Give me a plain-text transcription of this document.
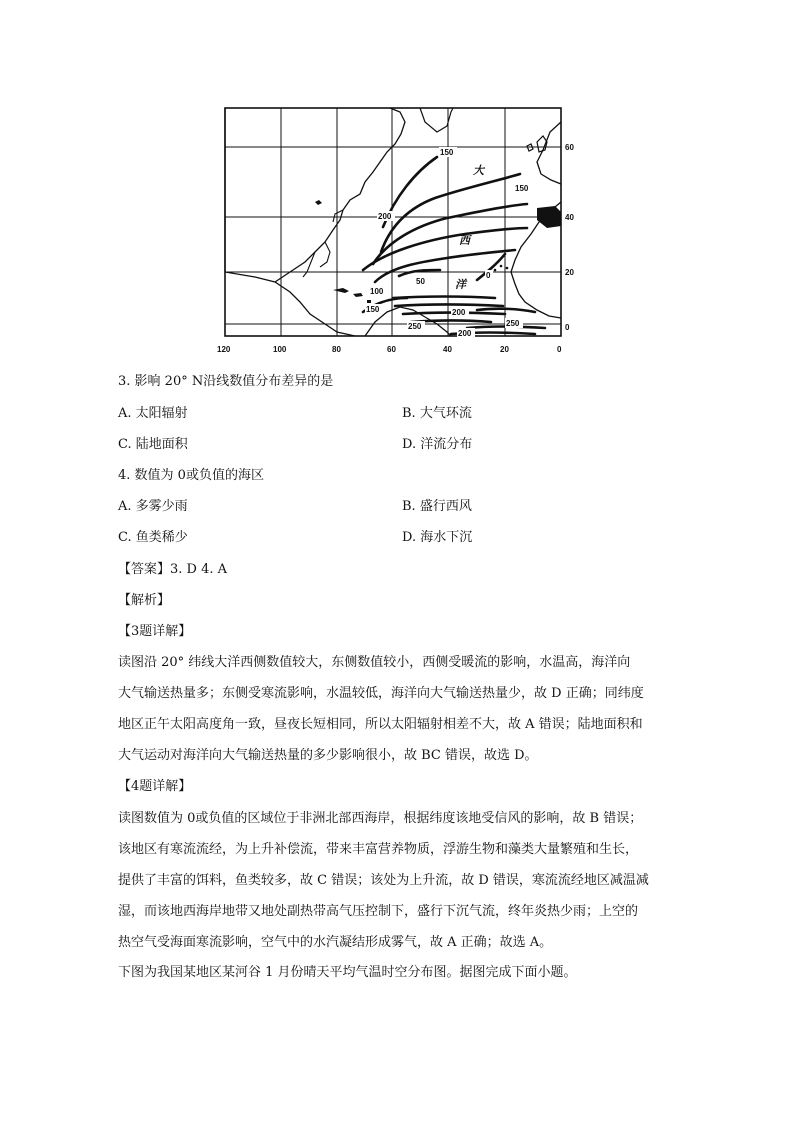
150
150
200
50
0
100
150
250
200
250
200
大
西
洋
60
40
20
0
120	100	80	60	40	20	0
3. 影响 20° N沿线数值分布差异的是
A. 太阳辐射	B. 大气环流
C. 陆地面积	D. 洋流分布
4. 数值为 0或负值的海区
A. 多雾少雨	B. 盛行西风
C. 鱼类稀少	D. 海水下沉
【答案】3. D 4. A
【解析】
【3题详解】
读图沿 20° 纬线大洋西侧数值较大，东侧数值较小，西侧受暖流的影响，水温高，海洋向
大气输送热量多；东侧受寒流影响，水温较低，海洋向大气输送热量少，故 D 正确；同纬度
地区正午太阳高度角一致，昼夜长短相同，所以太阳辐射相差不大，故 A 错误；陆地面积和
大气运动对海洋向大气输送热量的多少影响很小，故 BC 错误，故选 D。
【4题详解】
读图数值为 0或负值的区域位于非洲北部西海岸，根据纬度该地受信风的影响，故 B 错误；
该地区有寒流流经，为上升补偿流，带来丰富营养物质，浮游生物和藻类大量繁殖和生长，
提供了丰富的饵料，鱼类较多，故 C 错误；该处为上升流，故 D 错误，寒流流经地区减温减
湿，而该地西海岸地带又地处副热带高气压控制下，盛行下沉气流，终年炎热少雨；上空的
热空气受海面寒流影响，空气中的水汽凝结形成雾气，故 A 正确；故选 A。
下图为我国某地区某河谷 1 月份晴天平均气温时空分布图。据图完成下面小题。
